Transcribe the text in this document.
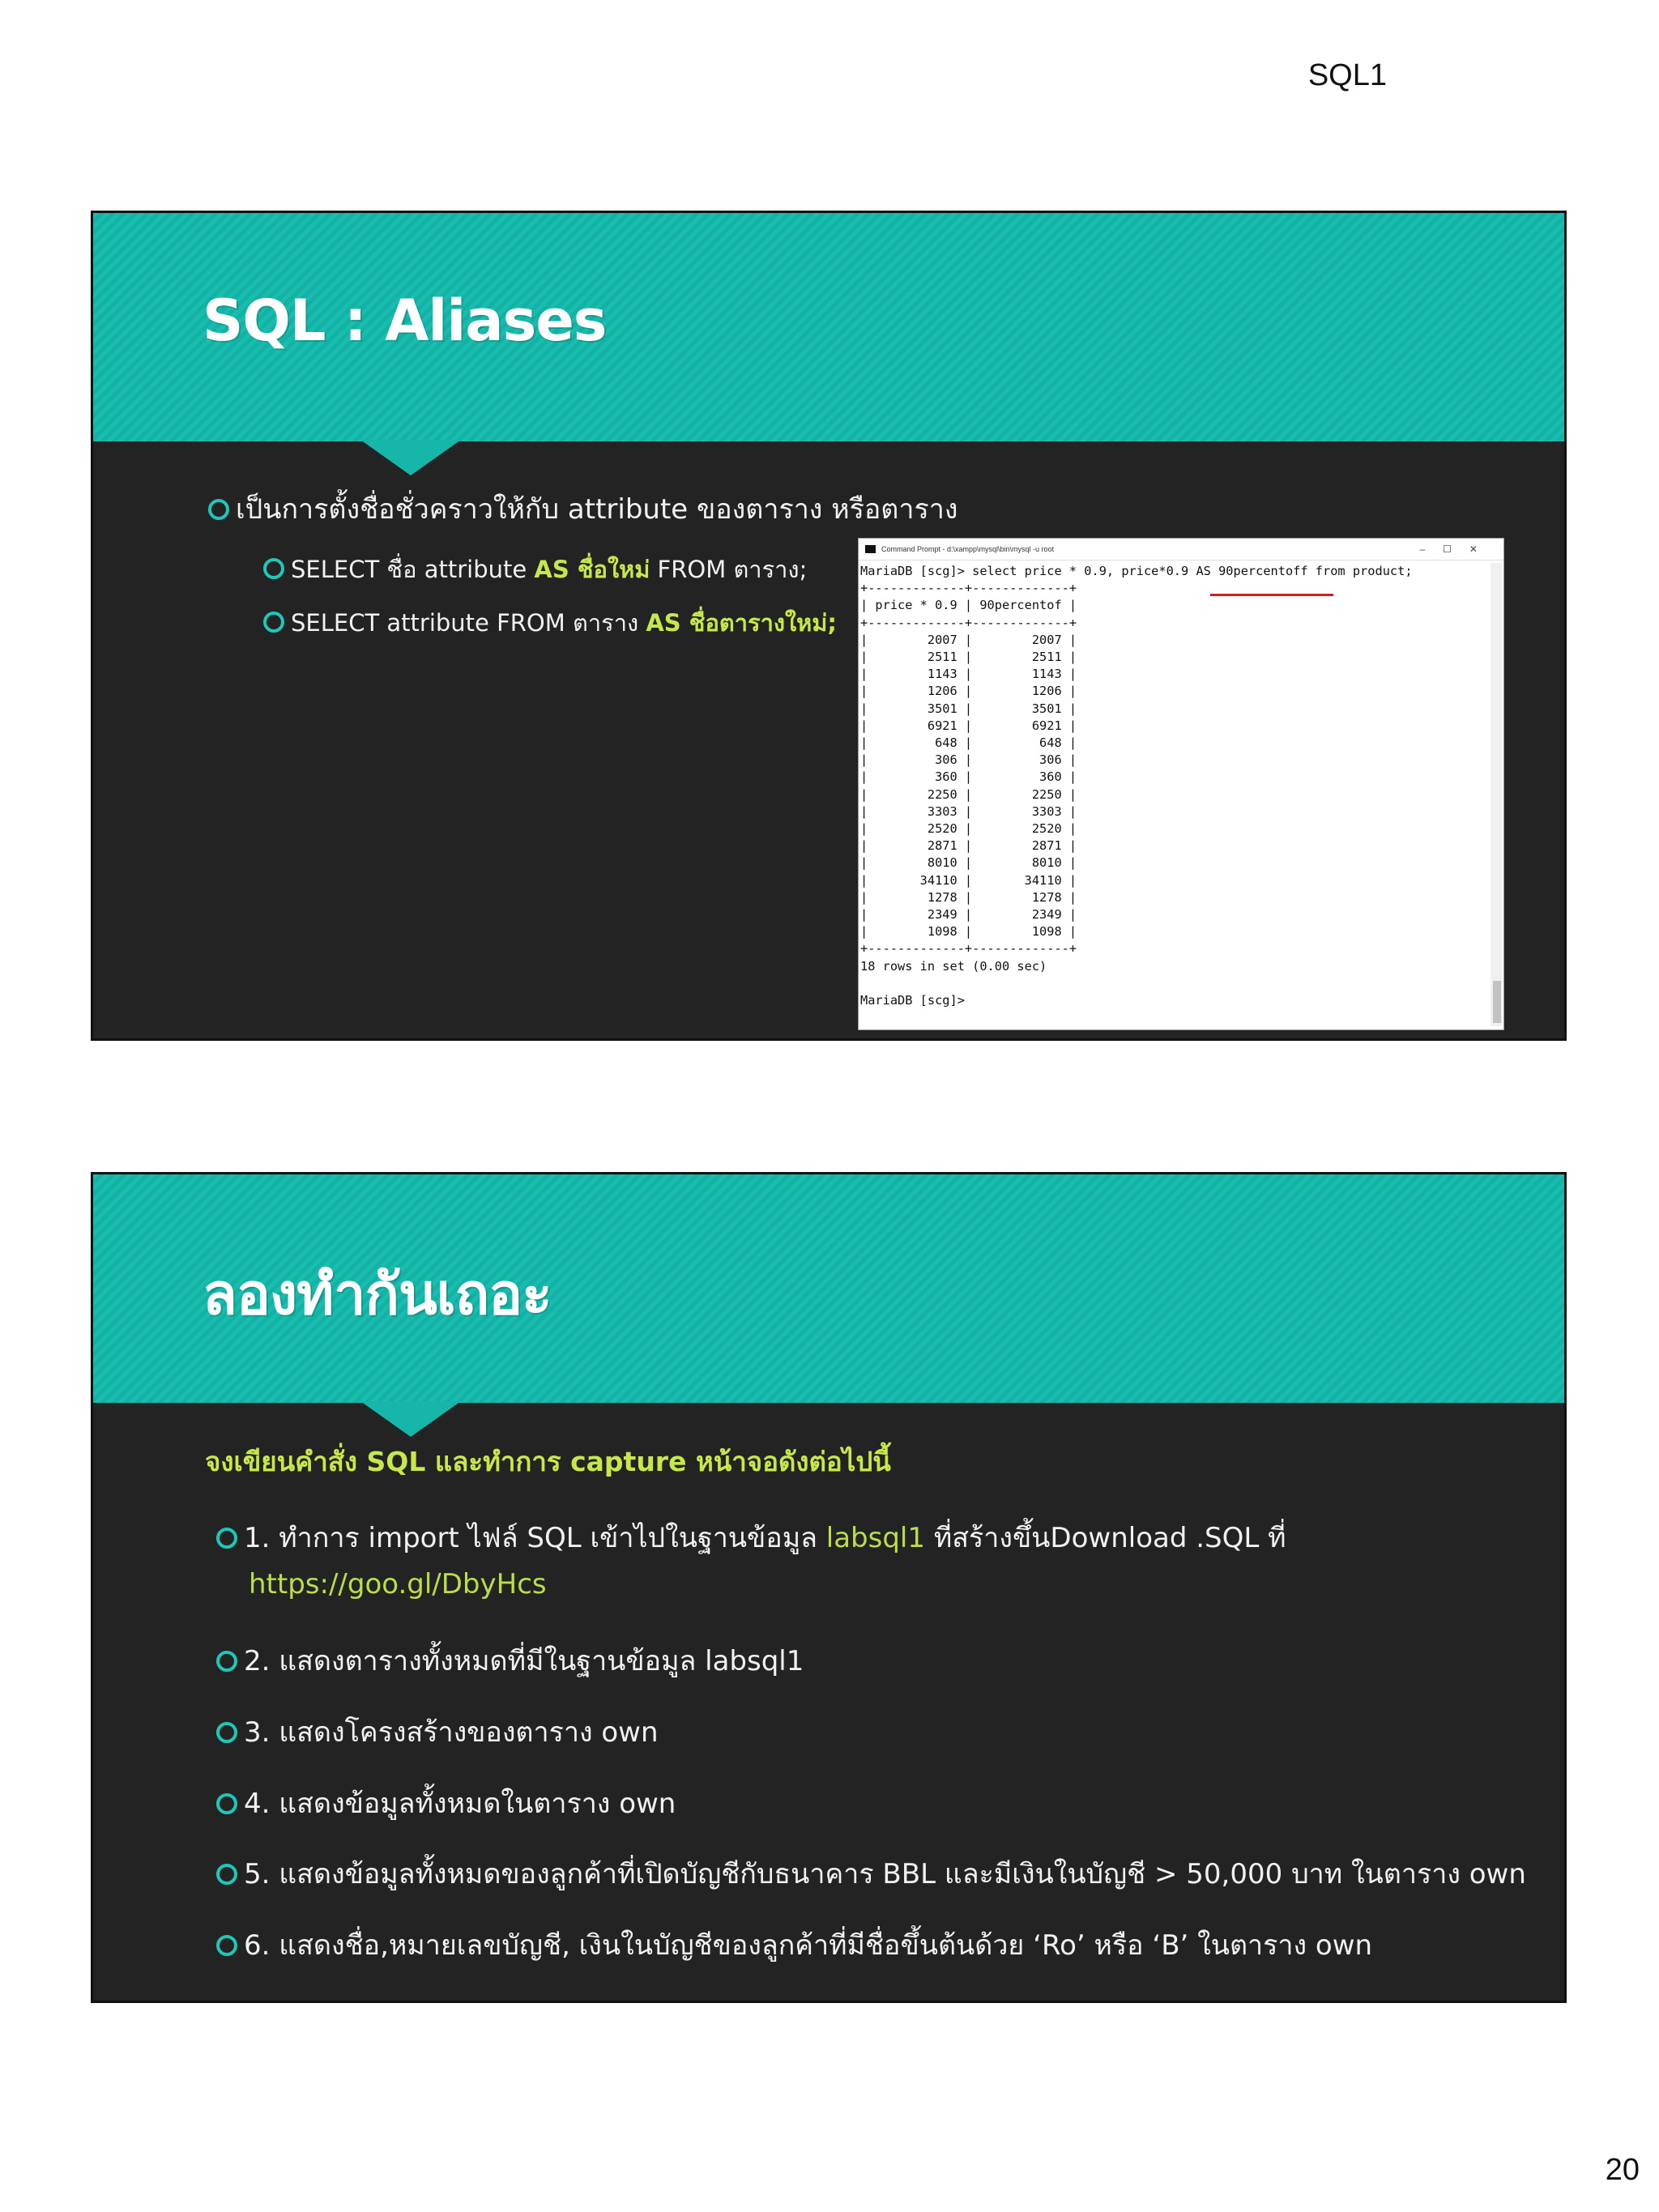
SQL1
SQL : Aliases
เป็นการตั้งชื่อชั่วคราวให้กับ attribute ของตาราง หรือตาราง
SELECT ชื่อ attribute AS ชื่อใหม่ FROM ตาราง;
SELECT attribute FROM ตาราง AS ชื่อตารางใหม่;
Command Prompt - d:\xampp\mysql\bin\mysql -u root	–☐✕
MariaDB [scg]> select price * 0.9, price*0.9 AS 90percentoff from product;
+-------------+-------------+
| price * 0.9 | 90percentof |
+-------------+-------------+
|        2007 |        2007 |
|        2511 |        2511 |
|        1143 |        1143 |
|        1206 |        1206 |
|        3501 |        3501 |
|        6921 |        6921 |
|         648 |         648 |
|         306 |         306 |
|         360 |         360 |
|        2250 |        2250 |
|        3303 |        3303 |
|        2520 |        2520 |
|        2871 |        2871 |
|        8010 |        8010 |
|       34110 |       34110 |
|        1278 |        1278 |
|        2349 |        2349 |
|        1098 |        1098 |
+-------------+-------------+
18 rows in set (0.00 sec)

MariaDB [scg]>
ลองทำกันเถอะ
จงเขียนคำสั่ง SQL และทำการ capture หน้าจอดังต่อไปนี้
1. ทำการ import ไฟล์ SQL เข้าไปในฐานข้อมูล labsql1 ที่สร้างขึ้นDownload .SQL ที่
https://goo.gl/DbyHcs
2. แสดงตารางทั้งหมดที่มีในฐานข้อมูล labsql1
3. แสดงโครงสร้างของตาราง own
4. แสดงข้อมูลทั้งหมดในตาราง own
5. แสดงข้อมูลทั้งหมดของลูกค้าที่เปิดบัญชีกับธนาคาร BBL และมีเงินในบัญชี > 50,000 บาท ในตาราง own
6. แสดงชื่อ,หมายเลขบัญชี, เงินในบัญชีของลูกค้าที่มีชื่อขึ้นต้นด้วย ‘Ro’ หรือ ‘B’ ในตาราง own
20
